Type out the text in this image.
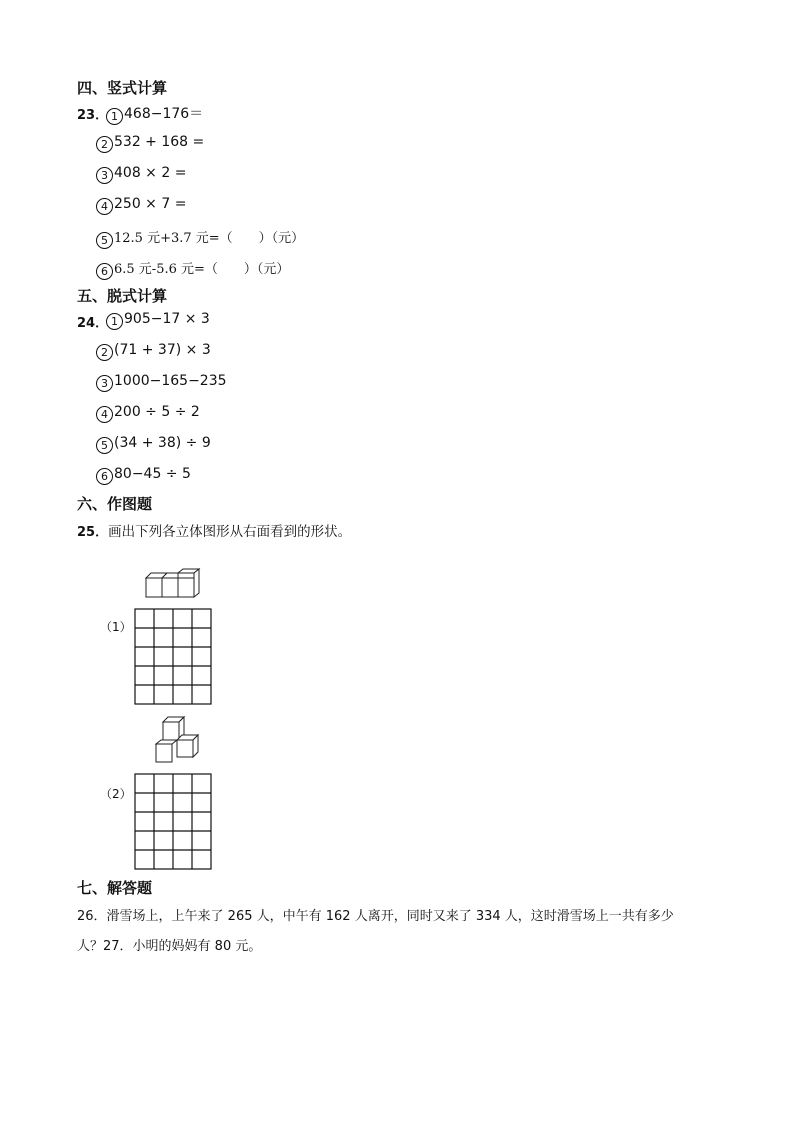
四、竖式计算
23． 1 468−176＝
2 532 + 168 =
3 408 × 2 =
4 250 × 7 =
5 12.5 元+3.7 元=（　　）（元）
6 6.5 元-5.6 元=（　　）（元）
五、脱式计算
24． 1 905−17 × 3
2 (71 + 37) × 3
3 1000−165−235
4 200 ÷ 5 ÷ 2
5 (34 + 38) ÷ 9
6 80−45 ÷ 5
六、作图题
25．画出下列各立体图形从右面看到的形状。
（1）
（2）
七、解答题
26．滑雪场上，上午来了 265 人，中午有 162 人离开，同时又来了 334 人，这时滑雪场上一共有多少
人？27．小明的妈妈有 80 元。
